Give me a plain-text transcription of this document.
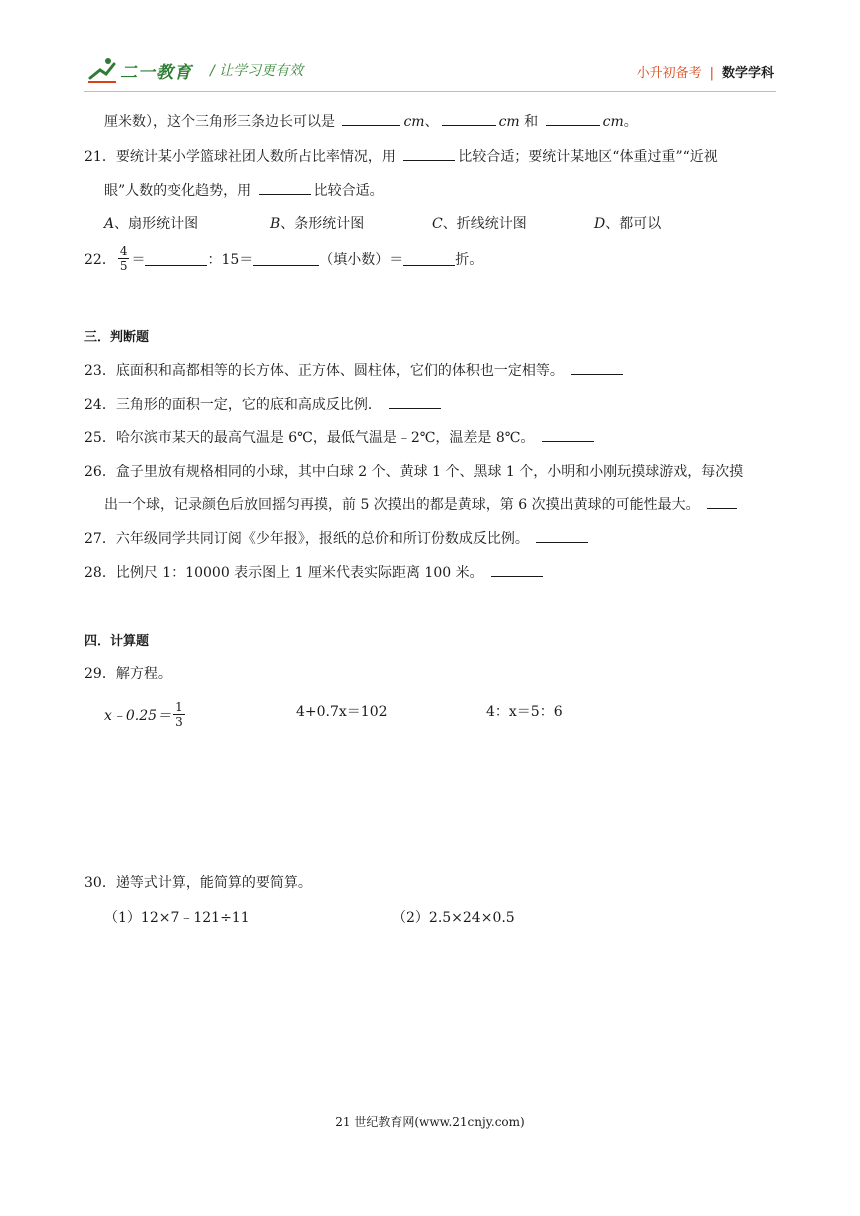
二一教育 / 让学习更有效	小升初备考 | 数学学科
厘米数），这个三角形三条边长可以是	cm、	cm 和	cm。
21．要统计某小学篮球社团人数所占比率情况，用	比较合适；要统计某地区“体重过重”“近视
眼”人数的变化趋势，用	比较合适。
A、扇形统计图	B、条形统计图	C、折线统计图	D、都可以
22． $\frac{4}{5}$ ＝	：15＝	（填小数）＝	折。
三．判断题
23．底面积和高都相等的长方体、正方体、圆柱体，它们的体积也一定相等。
24．三角形的面积一定，它的底和高成反比例．
25．哈尔滨市某天的最高气温是 6℃，最低气温是﹣2℃，温差是 8℃。
26．盒子里放有规格相同的小球，其中白球 2 个、黄球 1 个、黑球 1 个，小明和小刚玩摸球游戏，每次摸
出一个球，记录颜色后放回摇匀再摸，前 5 次摸出的都是黄球，第 6 次摸出黄球的可能性最大。
27．六年级同学共同订阅《少年报》，报纸的总价和所订份数成反比例。
28．比例尺 1：10000 表示图上 1 厘米代表实际距离 100 米。
四．计算题
29．解方程。
x﹣0.25＝ $\frac{1}{3}$	4+0.7x＝102	4：x＝5：6
30．递等式计算，能简算的要简算。
（1）12×7﹣121÷11	（2）2.5×24×0.5
21 世纪教育网(www.21cnjy.com)
